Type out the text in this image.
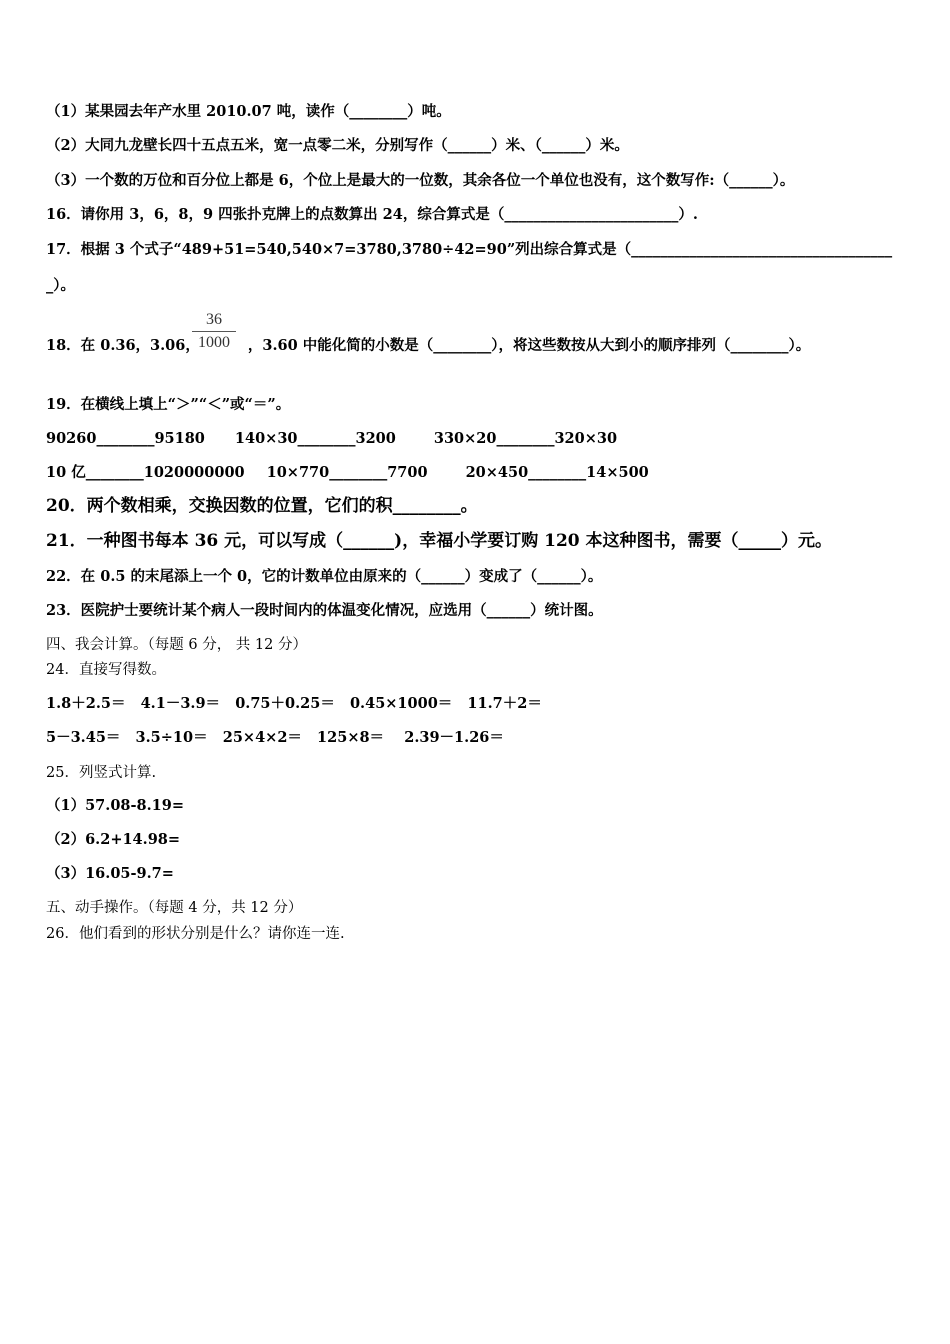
（1）某果园去年产水里 2010.07 吨，读作（________）吨。
（2）大同九龙壁长四十五点五米，宽一点零二米，分别写作（______）米、（______）米。
（3）一个数的万位和百分位上都是 6，个位上是最大的一位数，其余各位一个单位也没有，这个数写作:（______）。
16．请你用 3，6，8，9 四张扑克牌上的点数算出 24，综合算式是（________________________）.
17．根据 3 个式子“489+51=540,540×7=3780,3780÷42=90”列出综合算式是（____________________________________
_）。
18．在 0.36，3.06，	，3.60 中能化简的小数是（________），将这些数按从大到小的顺序排列（________）。
36
1000
19．在横线上填上“＞”“＜”或“＝”。
90260________95180 140×30________3200	330×20________320×30
10 亿________1020000000 10×770________7700	20×450________14×500
20．两个数相乘，交换因数的位置，它们的积________。
21．一种图书每本 36 元，可以写成（______)，幸福小学要订购 120 本这种图书，需要（_____）元。
22．在 0.5 的末尾添上一个 0，它的计数单位由原来的（______）变成了（______）。
23．医院护士要统计某个病人一段时间内的体温变化情况，应选用（______）统计图。
四、我会计算。（每题 6 分， 共 12 分）
24．直接写得数。
1.8＋2.5＝   4.1－3.9＝   0.75＋0.25＝   0.45×1000＝   11.7＋2＝
5－3.45＝   3.5÷10＝   25×4×2＝   125×8＝    2.39－1.26＝
25．列竖式计算.
（1）57.08-8.19=
（2）6.2+14.98=
（3）16.05-9.7=
五、动手操作。（每题 4 分，共 12 分）
26．他们看到的形状分别是什么？请你连一连.
